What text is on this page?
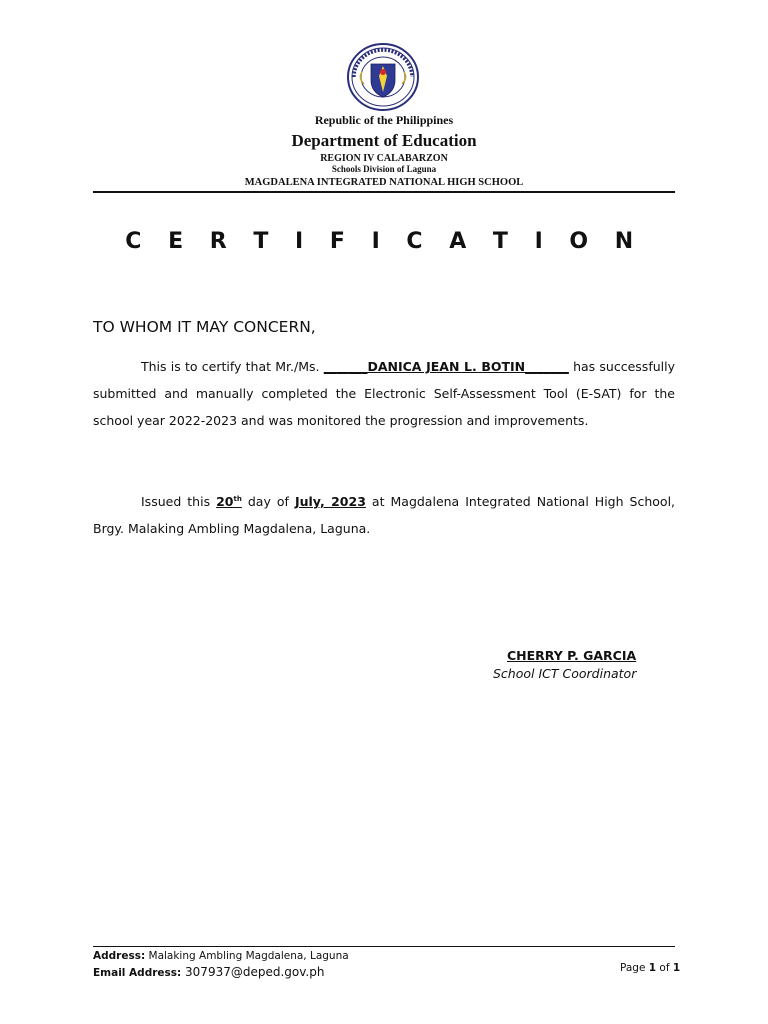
Republic of the Philippines
Department of Education
REGION IV CALABARZON
Schools Division of Laguna
MAGDALENA INTEGRATED NATIONAL HIGH SCHOOL
C E R T I F I C A T I O N
TO WHOM IT MAY CONCERN,
This is to certify that Mr./Ms. _______DANICA JEAN L. BOTIN_______ has successfully submitted and manually completed the Electronic Self-Assessment Tool (E-SAT) for the school year 2022-2023 and was monitored the progression and improvements.
Issued this 20th day of July, 2023 at Magdalena Integrated National High School, Brgy. Malaking Ambling Magdalena, Laguna.
CHERRY P. GARCIA
School ICT Coordinator
Address: Malaking Ambling Magdalena, Laguna
Email Address: 307937@deped.gov.ph	Page 1 of 1
